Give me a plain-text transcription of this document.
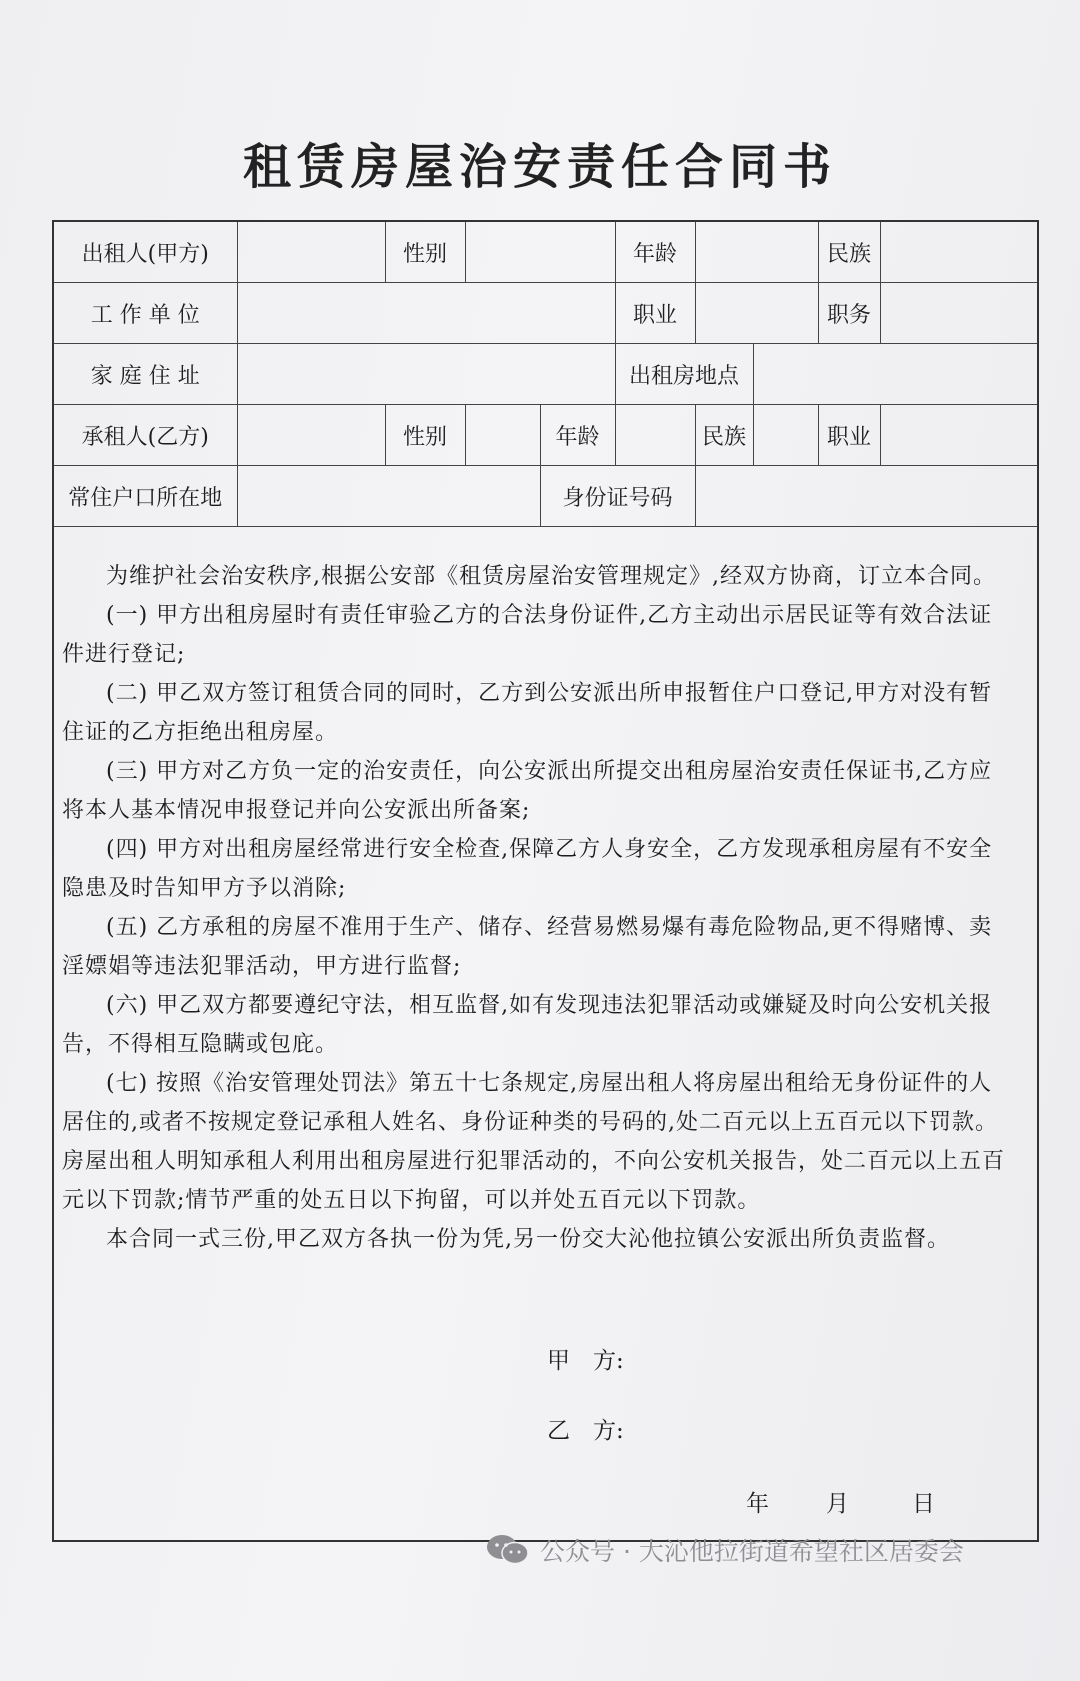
租赁房屋治安责任合同书
出租人(甲方)		性别			年龄			民族	
工 作 单 位					职业			职务	
家 庭 住 址					出租房地点				
承租人(乙方)		性别		年龄		民族		职业	
常住户口所在地				身份证号码					

为维护社会治安秩序,根据公安部《租赁房屋治安管理规定》,经双方协商，订立本合同。

(一) 甲方出租房屋时有责任审验乙方的合法身份证件,乙方主动出示居民证等有效合法证件进行登记;

(二) 甲乙双方签订租赁合同的同时，乙方到公安派出所申报暂住户口登记,甲方对没有暂住证的乙方拒绝出租房屋。

(三) 甲方对乙方负一定的治安责任，向公安派出所提交出租房屋治安责任保证书,乙方应将本人基本情况申报登记并向公安派出所备案;

(四) 甲方对出租房屋经常进行安全检查,保障乙方人身安全，乙方发现承租房屋有不安全隐患及时告知甲方予以消除;

(五) 乙方承租的房屋不准用于生产、储存、经营易燃易爆有毒危险物品,更不得赌博、卖淫嫖娼等违法犯罪活动，甲方进行监督;

(六) 甲乙双方都要遵纪守法，相互监督,如有发现违法犯罪活动或嫌疑及时向公安机关报告，不得相互隐瞒或包庇。

(七) 按照《治安管理处罚法》第五十七条规定,房屋出租人将房屋出租给无身份证件的人居住的,或者不按规定登记承租人姓名、身份证种类的号码的,处二百元以上五百元以下罚款。房屋出租人明知承租人利用出租房屋进行犯罪活动的，不向公安机关报告，处二百元以上五百元以下罚款;情节严重的处五日以下拘留，可以并处五百元以下罚款。

本合同一式三份,甲乙双方各执一份为凭,另一份交大沁他拉镇公安派出所负责监督。

甲　方:
乙　方:
年 月	日
公众号 · 大沁他拉街道希望社区居委会
